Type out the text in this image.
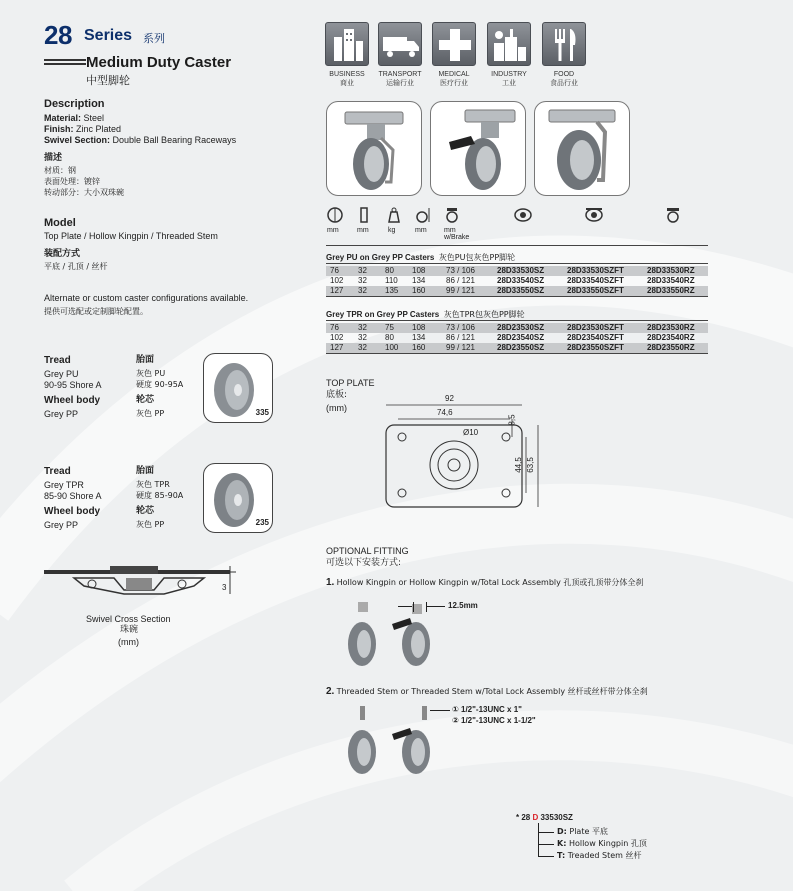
28 Series 系列
Medium Duty Caster
中型脚轮	BUSINESS
商业
TRANSPORT
运输行业
MEDICAL
医疗行业
INDUSTRY
工业
FOOD
食品行业
Description
Material: Steel
Finish: Zinc Plated
Swivel Section: Double Ball Bearing Raceways
描述
材质：钢
表面处理：镀锌
转动部分：大小双珠碗
Model
Top Plate / Hollow Kingpin / Threaded Stem
装配方式
平底 / 孔顶 / 丝杆
Alternate or custom caster configurations available.
提供可选配或定制脚轮配置。
Tread
Grey PU
90-95 Shore A
Wheel body
Grey PP
胎面
灰色 PU
硬度 90-95A
轮芯
灰色 PP	335
Tread
Grey TPR
85-90 Shore A
Wheel body
Grey PP
胎面
灰色 TPR
硬度 85-90A
轮芯
灰色 PP	235
3
Swivel Cross Section
珠碗
(mm)
mm	mm	kg	mm mm
w/Brake
Grey PU on Grey PP Casters 灰色PU包灰色PP脚轮
76 32 80 108	73 / 106	28D33530SZ	28D33530SZFT	28D33530RZ
102 32 110 134	86 / 121	28D33540SZ	28D33540SZFT	28D33540RZ
127 32 135 160	99 / 121	28D33550SZ	28D33550SZFT	28D33550RZ
Grey TPR on Grey PP Casters 灰色TPR包灰色PP脚轮
76 32 75 108	73 / 106	28D23530SZ	28D23530SZFT	28D23530RZ
102 32 80 134	86 / 121	28D23540SZ	28D23540SZFT	28D23540RZ
127 32 100 160	99 / 121	28D23550SZ	28D23550SZFT	28D23550RZ
TOP PLATE
底板:
(mm)
92
74,6
Ø10
8,5
44,5 63,5
OPTIONAL FITTING
可选以下安装方式:
1. Hollow Kingpin or Hollow Kingpin w/Total Lock Assembly 孔顶或孔顶带分体全刹
12.5mm
2. Threaded Stem or Threaded Stem w/Total Lock Assembly 丝杆或丝杆带分体全刹
① 1/2"-13UNC x 1"
② 1/2"-13UNC x 1-1/2"
* 28 D 33530SZ
D: Plate 平底
K: Hollow Kingpin 孔顶
T: Treaded Stem 丝杆
